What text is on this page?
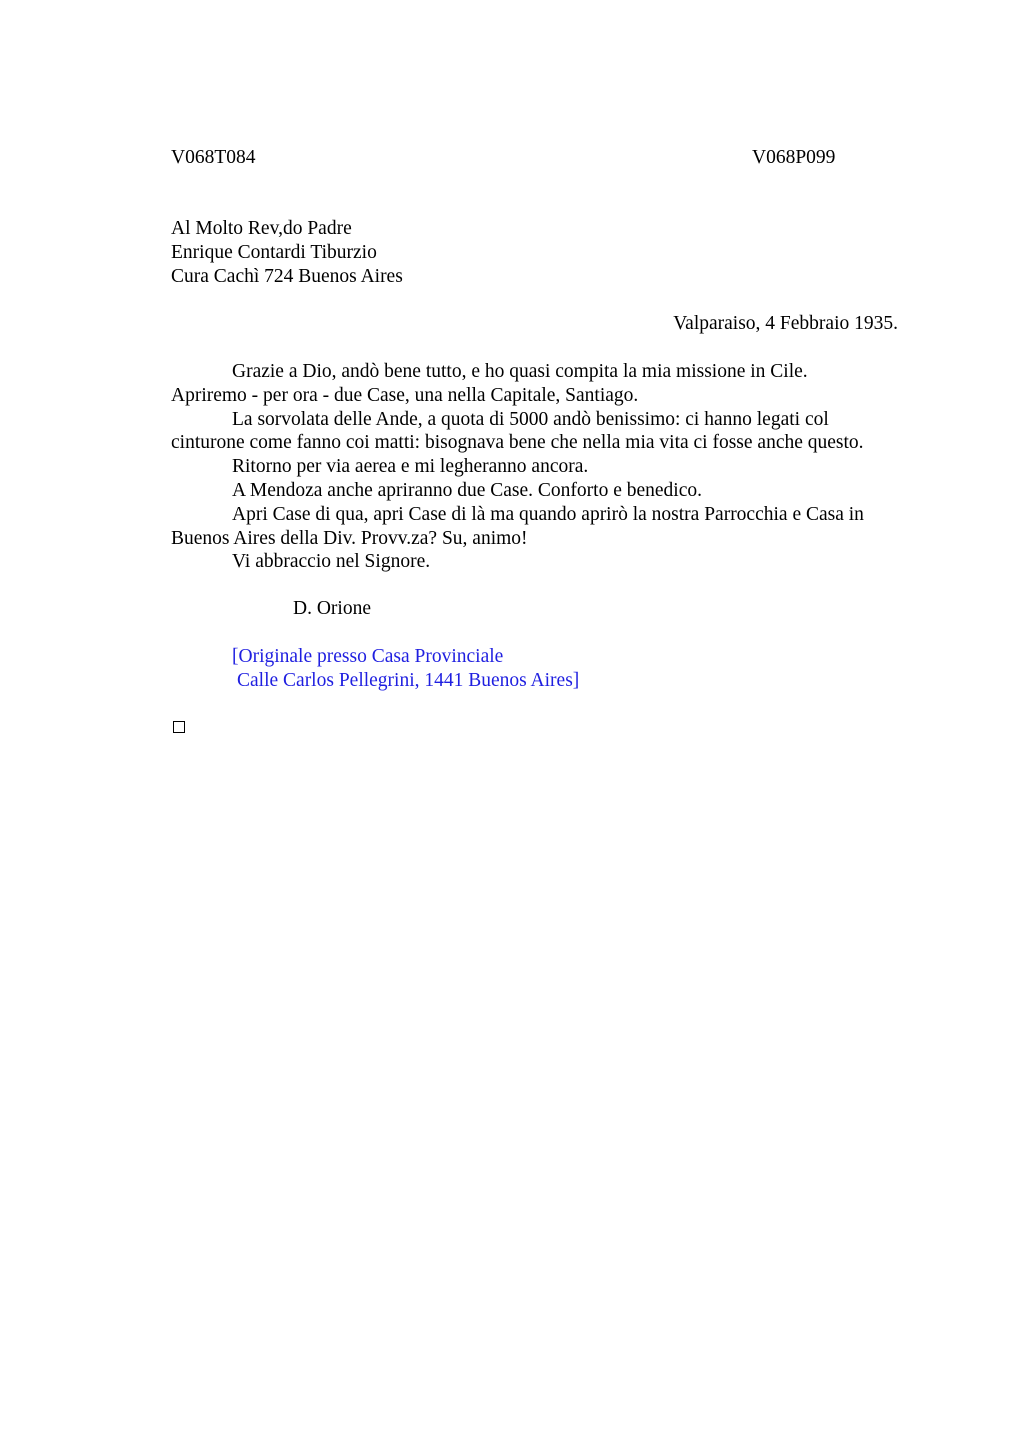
V068T084	V068P099
Al Molto Rev,do Padre
Enrique Contardi Tiburzio
Cura Cachì 724 Buenos Aires
Valparaiso, 4 Febbraio 1935.
Grazie a Dio, andò bene tutto, e ho quasi compita la mia missione in Cile.
Apriremo - per ora - due Case, una nella Capitale, Santiago.
La sorvolata delle Ande, a quota di 5000 andò benissimo: ci hanno legati col
cinturone come fanno coi matti: bisognava bene che nella mia vita ci fosse anche questo.
Ritorno per via aerea e mi legheranno ancora.
A Mendoza anche apriranno due Case. Conforto e benedico.
Apri Case di qua, apri Case di là ma quando aprirò la nostra Parrocchia e Casa in
Buenos Aires della Div. Provv.za? Su, animo!
Vi abbraccio nel Signore.
D. Orione
[Originale presso Casa Provinciale
Calle Carlos Pellegrini, 1441 Buenos Aires]
